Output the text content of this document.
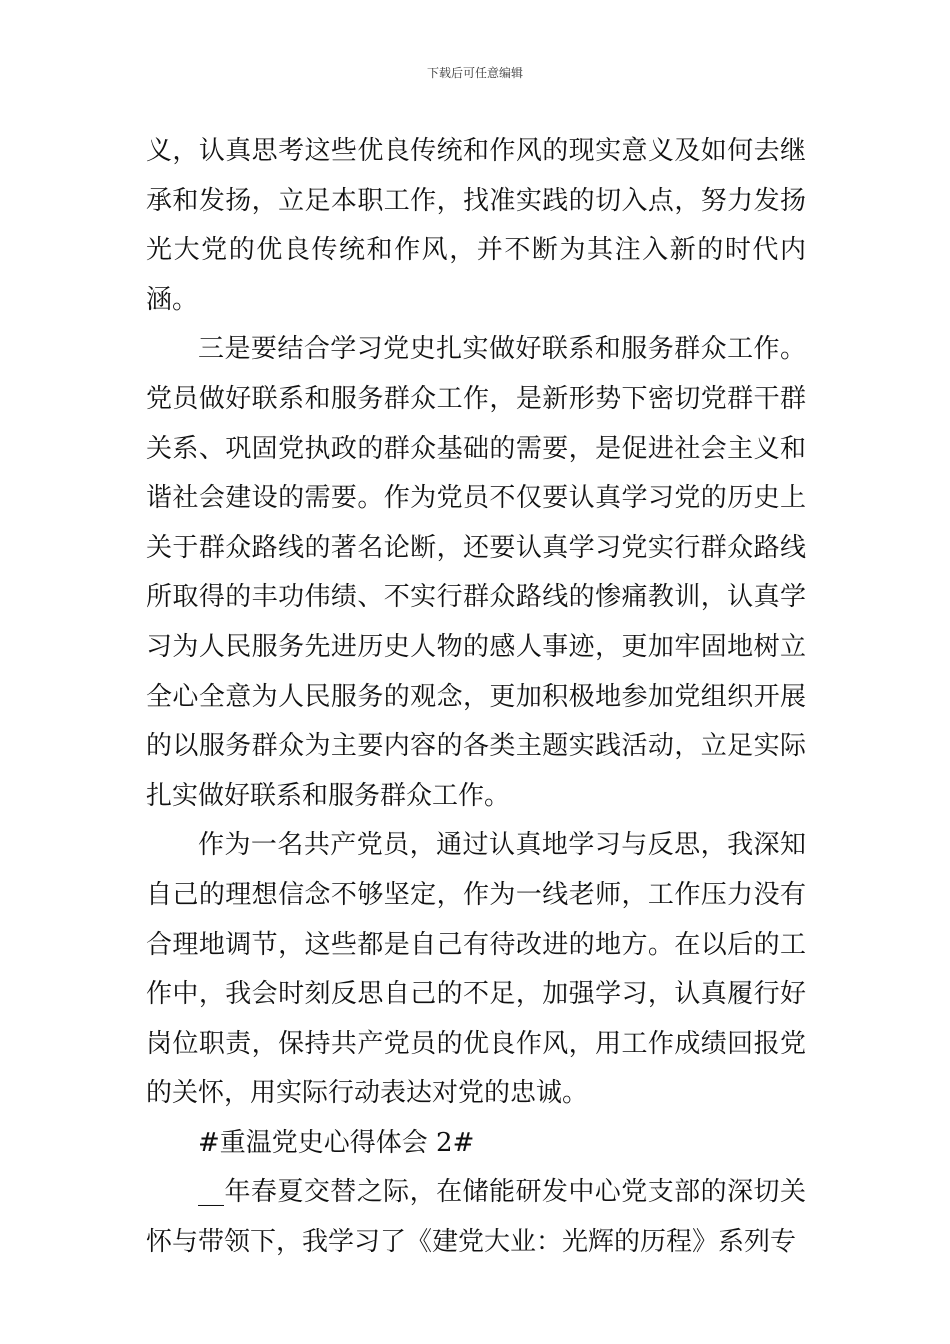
下载后可任意编辑

义，认真思考这些优良传统和作风的现实意义及如何去继承和发扬，立足本职工作，找准实践的切入点，努力发扬光大党的优良传统和作风，并不断为其注入新的时代内涵。

三是要结合学习党史扎实做好联系和服务群众工作。党员做好联系和服务群众工作，是新形势下密切党群干群关系、巩固党执政的群众基础的需要，是促进社会主义和谐社会建设的需要。作为党员不仅要认真学习党的历史上关于群众路线的著名论断，还要认真学习党实行群众路线所取得的丰功伟绩、不实行群众路线的惨痛教训，认真学习为人民服务先进历史人物的感人事迹，更加牢固地树立全心全意为人民服务的观念，更加积极地参加党组织开展的以服务群众为主要内容的各类主题实践活动，立足实际扎实做好联系和服务群众工作。

作为一名共产党员，通过认真地学习与反思，我深知自己的理想信念不够坚定，作为一线老师，工作压力没有合理地调节，这些都是自己有待改进的地方。在以后的工作中，我会时刻反思自己的不足，加强学习，认真履行好岗位职责，保持共产党员的优良作风，用工作成绩回报党的关怀，用实际行动表达对党的忠诚。

#重温党史心得体会 2#

__年春夏交替之际，在储能研发中心党支部的深切关怀与带领下，我学习了《建党大业：光辉的历程》系列专
